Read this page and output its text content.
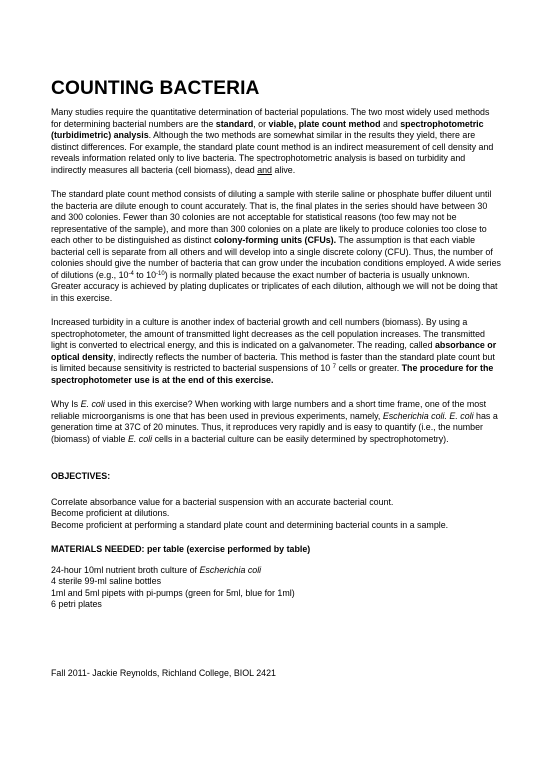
COUNTING BACTERIA

Many studies require the quantitative determination of bacterial populations. The two most widely used methods for determining bacterial numbers are the standard, or viable, plate count method and spectrophotometric (turbidimetric) analysis. Although the two methods are somewhat similar in the results they yield, there are distinct differences. For example, the standard plate count method is an indirect measurement of cell density and reveals information related only to live bacteria. The spectrophotometric analysis is based on turbidity and indirectly measures all bacteria (cell biomass), dead and alive.

The standard plate count method consists of diluting a sample with sterile saline or phosphate buffer diluent until the bacteria are dilute enough to count accurately. That is, the final plates in the series should have between 30 and 300 colonies. Fewer than 30 colonies are not acceptable for statistical reasons (too few may not be representative of the sample), and more than 300 colonies on a plate are likely to produce colonies too close to each other to be distinguished as distinct colony-forming units (CFUs). The assumption is that each viable bacterial cell is separate from all others and will develop into a single discrete colony (CFU). Thus, the number of colonies should give the number of bacteria that can grow under the incubation conditions employed. A wide series of dilutions (e.g., $10^{-4}$ to $10^{-10}$) is normally plated because the exact number of bacteria is usually unknown. Greater accuracy is achieved by plating duplicates or triplicates of each dilution, although we will not be doing that in this exercise.

Increased turbidity in a culture is another index of bacterial growth and cell numbers (biomass). By using a spectrophotometer, the amount of transmitted light decreases as the cell population increases. The transmitted light is converted to electrical energy, and this is indicated on a galvanometer. The reading, called absorbance or optical density, indirectly reflects the number of bacteria. This method is faster than the standard plate count but is limited because sensitivity is restricted to bacterial suspensions of 10 $^7$ cells or greater. The procedure for the spectrophotometer use is at the end of this exercise.

Why Is E. coli used in this exercise? When working with large numbers and a short time frame, one of the most reliable microorganisms is one that has been used in previous experiments, namely, Escherichia coli. E. coli has a generation time at 37C of 20 minutes. Thus, it reproduces very rapidly and is easy to quantify (i.e., the number (biomass) of viable E. coli cells in a bacterial culture can be easily determined by spectrophotometry).

OBJECTIVES:
Correlate absorbance value for a bacterial suspension with an accurate bacterial count.
Become proficient at dilutions.
Become proficient at performing a standard plate count and determining bacterial counts in a sample.
MATERIALS NEEDED: per table (exercise performed by table)
24-hour 10ml nutrient broth culture of Escherichia coli
4 sterile 99-ml saline bottles
1ml and 5ml pipets with pi-pumps (green for 5ml, blue for 1ml)
6 petri plates
Fall 2011- Jackie Reynolds, Richland College, BIOL 2421
